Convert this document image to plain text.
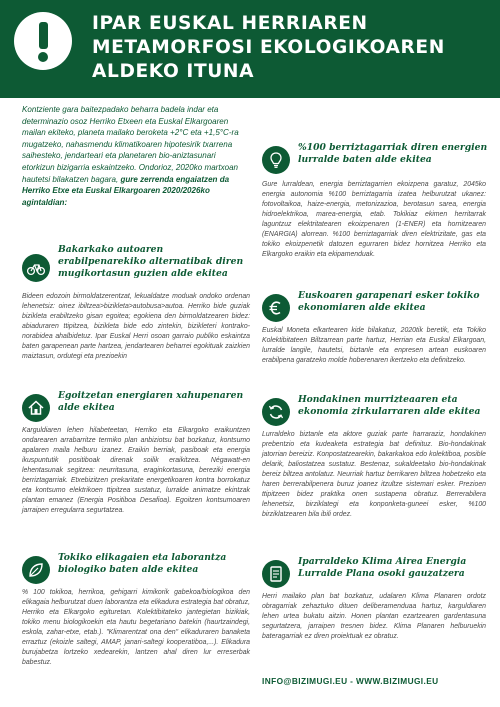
IPAR EUSKAL HERRIAREN
METAMORFOSI EKOLOGIKOAREN
ALDEKO ITUNA
Kontziente gara baitezpadako beharra badela indar eta determinazio osoz Herriko Etxeen eta Euskal Elkargoaren mailan ekiteko, planeta mailako beroketa +2°C eta +1,5°C-ra mugatzeko, nahasmendu klimatikoaren hipotesirik txarrena saihesteko, jendarteari eta planetaren bio-aniztasunari etorkizun bizigarria eskaintzeko. Ondorioz, 2020ko martxoan hautetsi bilakatzen bagara, gure zerrenda engaiatzen da Herriko Etxe eta Euskal Elkargoaren 2020/2026ko agintaldian:
Bakarkako autoaren erabilpenarekiko alternatibak diren mugikortasun guzien alde ekitea
Bideen edozoin birmoldatzerentzat, lekualdatze moduak ondoko ordenan lehenetsiz: oinez ibiltzea>bizikleta>autobusa>autoa. Herriko bide guziak bizikleta erabiltzeko gisan egoitea; egokiena den birmoldatzearen bidez: abiaduraren ttipitzea, bizikleta bide edo zintekin, bizikleteri kontrako-norabidea ahalbidetuz. Ipar Euskal Herri osoan garraio publiko eskaintza baten garapenean parte hartzea, jendartearen beharrei egokituak zaizkien maiztasun, ordutegi eta prezioekin
Egoitzetan energiaren xahupenaren alde ekitea
Karguldiaren lehen hilabeteetan, Herriko eta Elkargoko eraikuntzen ondarearen arrabarritze termiko plan anbiziotsu bat bozkatuz, kontsumo apalaren maila helburu izanez. Eraikin berriak, pasiboak eta energia ikuspuntutik positiboak direnak soilik eraikitzea. Négawatt-en lehentasunak segitzea: neurritasuna, eraginkortasuna, bereziki energia berriztagarriak. Etxebizitzen prekaritate energetikoaren kontra borrokatuz eta kontsumo elektrikoen ttipitzea sustatuz, lurralde animatze ekintzak plantan emanez (Energia Positiboa Desafioa). Egoitzen kontsumoaren jarraipen erregularra segurtatzea.
Tokiko elikagaien eta laborantza biologiko baten alde ekitea
% 100 tokikoa, herrikoa, gehigarri kimikorik gabekoa/biologikoa den elikagaia helburutzat duen laborantza eta elikadura estrategia bat obratuz, Herriko eta Elkargoko egituretan. Kolektibitateko jantegietan bizikiak, tokiko menu biologikoekin eta hautu begetariano batekin (haurtzaindegi, eskola, zahar-etxe, etab.). "Klimarentzat ona den" elikaduraren banaketa erraztuz (ekoizle saltegi, AMAP, janari-saltegi kooperatiboa,...). Elikadura burujabetza lortzeko xedearekin, lantzen ahal diren lur erreserbak babestuz.
%100 berriztagarriak diren energien lurralde baten alde ekitea
Gure lurraldean, energia berriztagarrien ekoizpena garatuz, 2045ko energia autonomia %100 berriztagarria izatea helburutzat ukanez: fotovoltaikoa, haize-energia, metonizazioa, berotasun sarea, energia hidroelektrikoa, marea-energia, etab. Tokikiaz ekimen herritarrak laguntzuz elektritatearen ekoizpenaren (1-ENER) eta hornitzearen (ENARGIA) alorrean. %100 berriztagarriak diren elektrizitate, gas eta tokiko ekoizpenetik datozen egurraren bidez hornitzea Herriko eta Elkargoko eraikin eta ekipamenduak.
Euskoaren garapenari esker tokiko ekonomiaren alde ekitea
Euskal Moneta elkartearen kide bilakatuz, 2020tik beretik, eta Tokiko Kolektibitateen Biltzarrean parte hartuz, Herrian eta Euskal Elkargoan, lurralde langile, hautetsi, biztanle eta enpresen artean euskoaren erabilpena garatzeko molde hoberenaren ikertzeko eta definitzeko.
Hondakinen murrizteaaren eta ekonomia zirkularraren alde ekitea
Lurraldeko biztanle eta aktore guziak parte harraraziz, hondakinen prebentzio eta kudeaketa estrategia bat definituz. Bio-hondakinak jatorrian bereiziz. Konpostatzearekin, bakarkakoa edo kolektiboa, posible delarik, baliostatzea sustatuz. Bestenaz, sukaldeetako bio-hondakinak bereiz biltzea antolatuz. Neurriak hartuz berrikaren biltzea hobetzeko eta haren berrerabilpenera buruz joanez itzultze sistemari esker. Prezioen ttipitzeen bidez praktika onen sustapena obratuz. Berrerabilera lehenetsiz, birziklategi eta konponketa-guneei esker, %100 birziklatzearen bila ibili ordez.
Iparraldeko Klima Airea Energia Lurralde Plana osoki gauzatzera
Herri mailako plan bat bozkatuz, udalaren Klima Planaren ordotz obragarriak zehaztuko dituen deliberamenduaa hartuz, karguldiaren lehen urtea bukatu aitzin. Honen plantan ezartzearen gardentasuna segurtatzera, jarraipen tresnen bidez. Klima Planaren helburuekin bateragarriak ez diren proiektuak ez obratuz.
INFO@BIZIMUGI.EU - WWW.BIZIMUGI.EU
